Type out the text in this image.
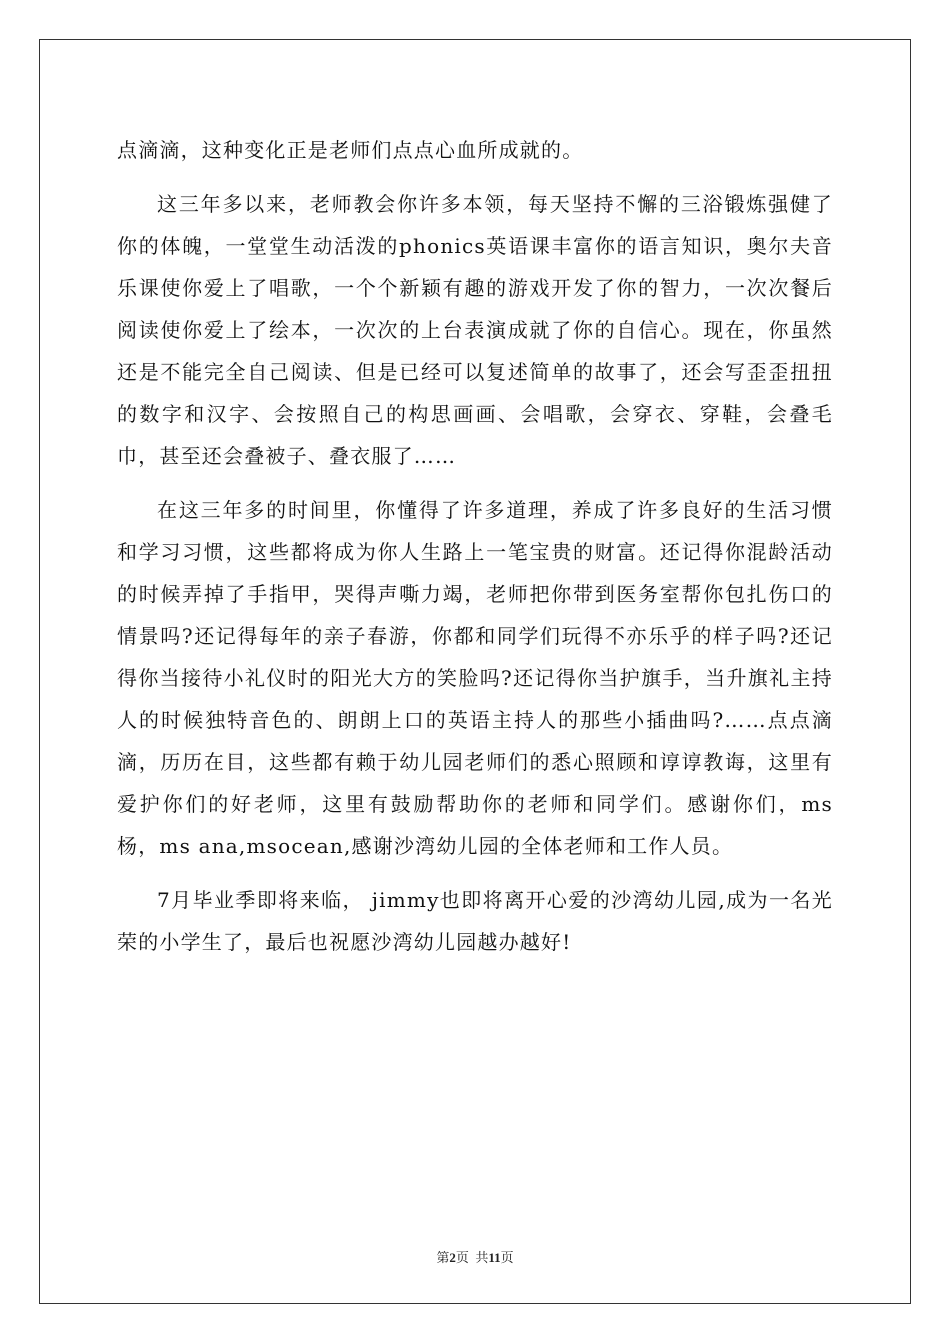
点滴滴，这种变化正是老师们点点心血所成就的。

这三年多以来，老师教会你许多本领，每天坚持不懈的三浴锻炼强健了你的体魄，一堂堂生动活泼的phonics英语课丰富你的语言知识，奥尔夫音乐课使你爱上了唱歌，一个个新颖有趣的游戏开发了你的智力，一次次餐后阅读使你爱上了绘本，一次次的上台表演成就了你的自信心。现在，你虽然还是不能完全自己阅读、但是已经可以复述简单的故事了，还会写歪歪扭扭的数字和汉字、会按照自己的构思画画、会唱歌，会穿衣、穿鞋，会叠毛巾，甚至还会叠被子、叠衣服了……

在这三年多的时间里，你懂得了许多道理，养成了许多良好的生活习惯和学习习惯，这些都将成为你人生路上一笔宝贵的财富。还记得你混龄活动的时候弄掉了手指甲，哭得声嘶力竭，老师把你带到医务室帮你包扎伤口的情景吗?还记得每年的亲子春游，你都和同学们玩得不亦乐乎的样子吗?还记得你当接待小礼仪时的阳光大方的笑脸吗?还记得你当护旗手，当升旗礼主持人的时候独特音色的、朗朗上口的英语主持人的那些小插曲吗?……点点滴滴，历历在目，这些都有赖于幼儿园老师们的悉心照顾和谆谆教诲，这里有爱护你们的好老师，这里有鼓励帮助你的老师和同学们。感谢你们，ms 杨，ms ana,msocean,感谢沙湾幼儿园的全体老师和工作人员。

7月毕业季即将来临， jimmy也即将离开心爱的沙湾幼儿园,成为一名光荣的小学生了，最后也祝愿沙湾幼儿园越办越好!

第2页  共11页
